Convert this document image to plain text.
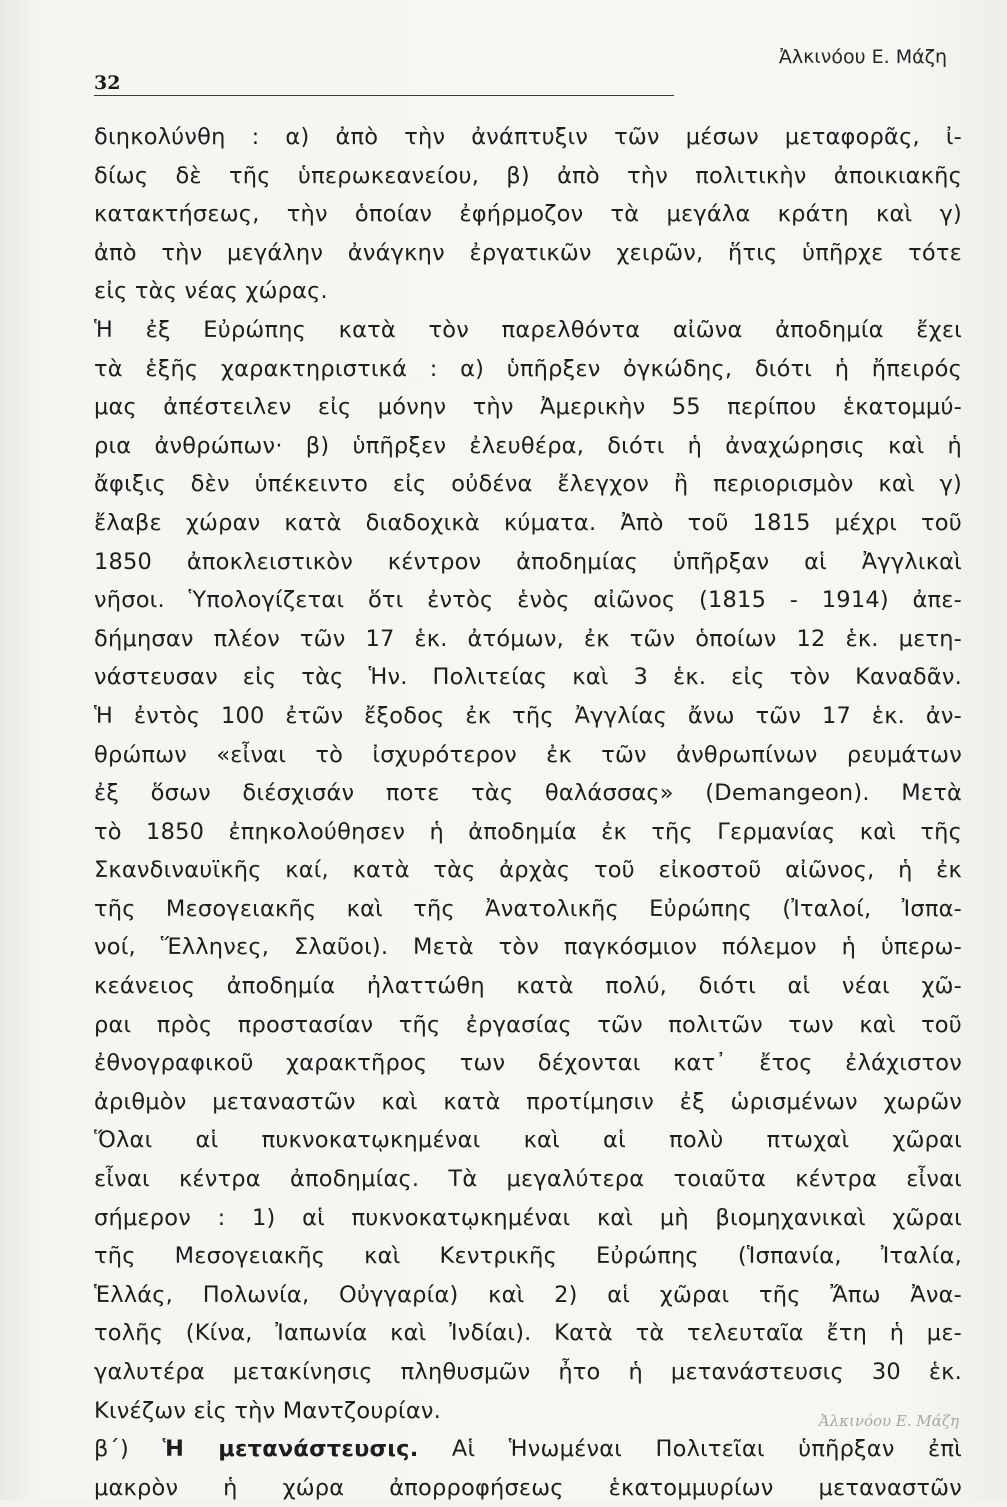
32
Ἀλκινόου Ε. Μάζη
διηκολύνθη : α) ἀπὸ τὴν ἀνάπτυξιν τῶν μέσων μεταφορᾶς, ἰ-
δίως δὲ τῆς ὑπερωκεανείου, β) ἀπὸ τὴν πολιτικὴν ἀποικιακῆς
κατακτήσεως, τὴν ὁποίαν ἐφήρμοζον τὰ μεγάλα κράτη καὶ γ)
ἀπὸ τὴν μεγάλην ἀνάγκην ἐργατικῶν χειρῶν, ἥτις ὑπῆρχε τότε
εἰς τὰς νέας χώρας.
Ἡ ἐξ Εὐρώπης κατὰ τὸν παρελθόντα αἰῶνα ἀποδημία ἔχει
τὰ ἑξῆς χαρακτηριστικά : α) ὑπῆρξεν ὀγκώδης, διότι ἡ ἤπειρός
μας ἀπέστειλεν εἰς μόνην τὴν Ἀμερικὴν 55 περίπου ἑκατομμύ-
ρια ἀνθρώπων· β) ὑπῆρξεν ἐλευθέρα, διότι ἡ ἀναχώρησις καὶ ἡ
ἄφιξις δὲν ὑπέκειντο εἰς οὐδένα ἔλεγχον ἢ περιορισμὸν καὶ γ)
ἔλαβε χώραν κατὰ διαδοχικὰ κύματα. Ἀπὸ τοῦ 1815 μέχρι τοῦ
1850 ἀποκλειστικὸν κέντρον ἀποδημίας ὑπῆρξαν αἱ Ἀγγλικαὶ
νῆσοι. Ὑπολογίζεται ὅτι ἐντὸς ἑνὸς αἰῶνος (1815 - 1914) ἀπε-
δήμησαν πλέον τῶν 17 ἑκ. ἀτόμων, ἐκ τῶν ὁποίων 12 ἑκ. μετη-
νάστευσαν εἰς τὰς Ἡν. Πολιτείας καὶ 3 ἑκ. εἰς τὸν Καναδᾶν.
Ἡ ἐντὸς 100 ἐτῶν ἔξοδος ἐκ τῆς Ἀγγλίας ἄνω τῶν 17 ἑκ. ἀν-
θρώπων «εἶναι τὸ ἰσχυρότερον ἐκ τῶν ἀνθρωπίνων ρευμάτων
ἐξ ὅσων διέσχισάν ποτε τὰς θαλάσσας» (Demangeon). Μετὰ
τὸ 1850 ἐπηκολούθησεν ἡ ἀποδημία ἐκ τῆς Γερμανίας καὶ τῆς
Σκανδιναυϊκῆς καί, κατὰ τὰς ἀρχὰς τοῦ εἰκοστοῦ αἰῶνος, ἡ ἐκ
τῆς Μεσογειακῆς καὶ τῆς Ἀνατολικῆς Εὐρώπης (Ἰταλοί, Ἰσπα-
νοί, Ἕλληνες, Σλαῦοι). Μετὰ τὸν παγκόσμιον πόλεμον ἡ ὑπερω-
κεάνειος ἀποδημία ἠλαττώθη κατὰ πολύ, διότι αἱ νέαι χῶ-
ραι πρὸς προστασίαν τῆς ἐργασίας τῶν πολιτῶν των καὶ τοῦ
ἐθνογραφικοῦ χαρακτῆρος των δέχονται κατ᾽ ἔτος ἐλάχιστον
ἀριθμὸν μεταναστῶν καὶ κατὰ προτίμησιν ἐξ ὡρισμένων χωρῶν
Ὅλαι αἱ πυκνοκατῳκημέναι καὶ αἱ πολὺ πτωχαὶ χῶραι
εἶναι κέντρα ἀποδημίας. Τὰ μεγαλύτερα τοιαῦτα κέντρα εἶναι
σήμερον : 1) αἱ πυκνοκατῳκημέναι καὶ μὴ βιομηχανικαὶ χῶραι
τῆς Μεσογειακῆς καὶ Κεντρικῆς Εὐρώπης (Ἱσπανία, Ἰταλία,
Ἑλλάς, Πολωνία, Οὐγγαρία) καὶ 2) αἱ χῶραι τῆς Ἄπω Ἀνα-
τολῆς (Κίνα, Ἰαπωνία καὶ Ἰνδίαι). Κατὰ τὰ τελευταῖα ἔτη ἡ με-
γαλυτέρα μετακίνησις πληθυσμῶν ἦτο ἡ μετανάστευσις 30 ἑκ.
Κινέζων εἰς τὴν Μαντζουρίαν.
β΄) Ἡ μετανάστευσις. Αἱ Ἡνωμέναι Πολιτεῖαι ὑπῆρξαν ἐπὶ
μακρὸν ἡ χώρα ἀπορροφήσεως ἑκατομμυρίων μεταναστῶν
Ἀλκινόου Ε. Μάζη
